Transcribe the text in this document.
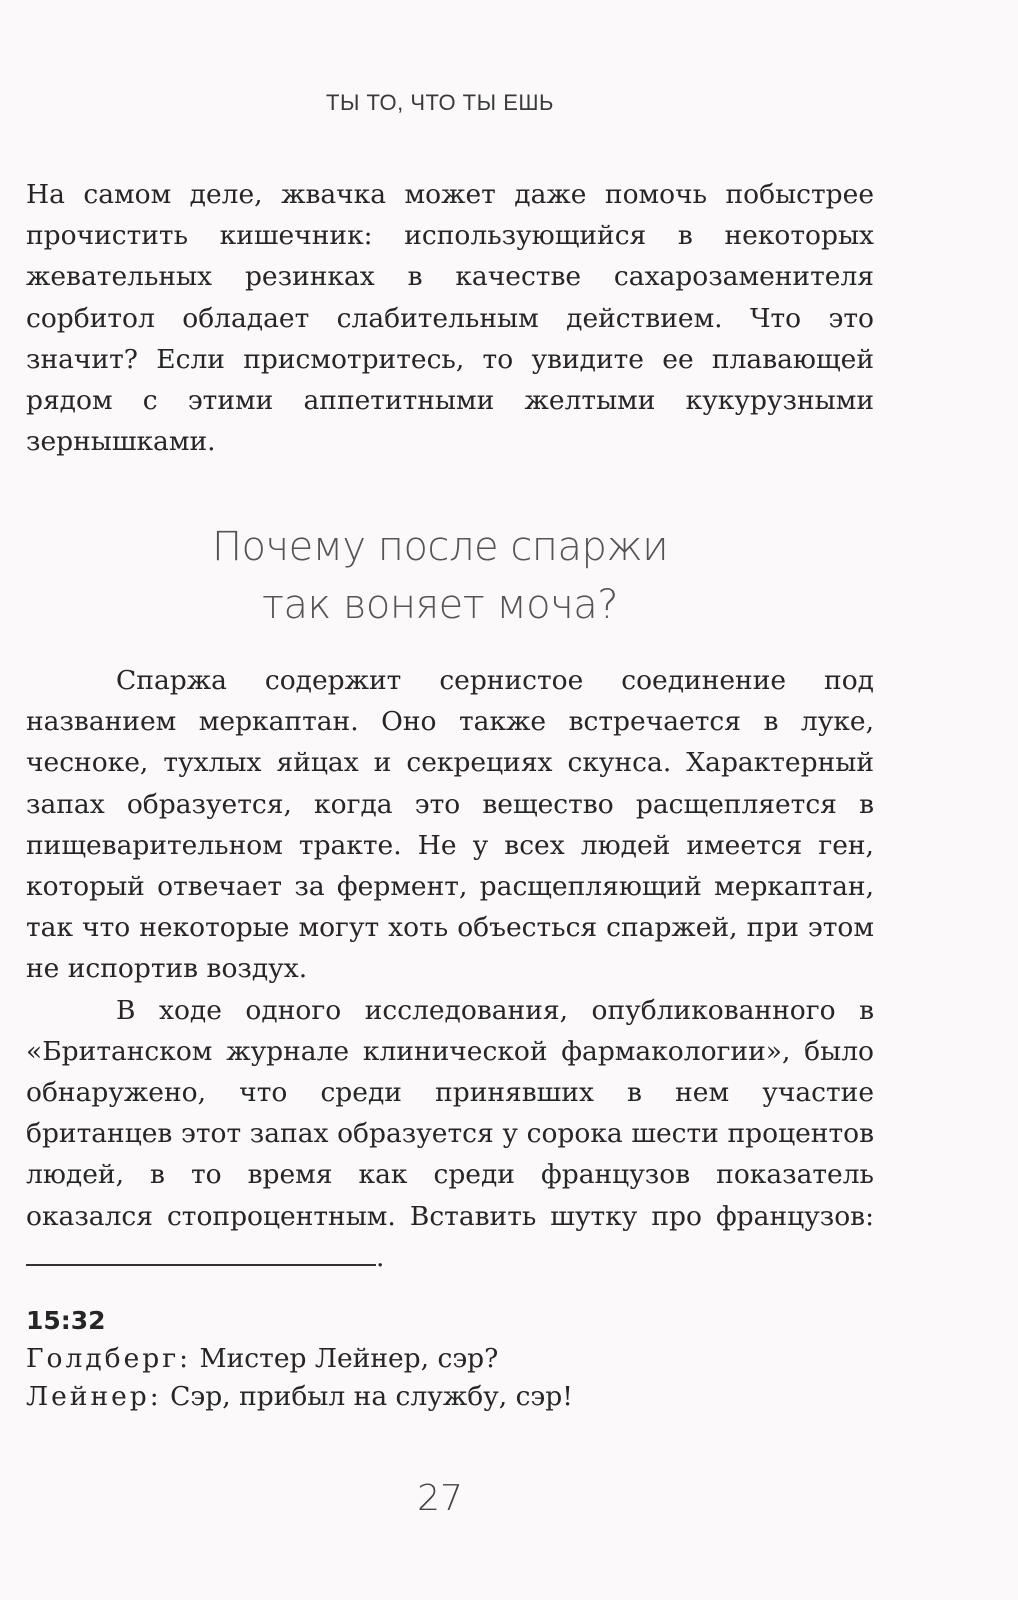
ТЫ ТО, ЧТО ТЫ ЕШЬ

На самом деле, жвачка может даже помочь побыстрее прочистить кишечник: использующийся в некоторых жевательных резинках в качестве сахарозаменителя сорбитол обладает слабительным действием. Что это значит? Если присмотритесь, то увидите ее плавающей рядом с этими аппетитными желтыми кукурузными зернышками.

Почему после спаржи
так воняет моча?

Спаржа содержит сернистое соединение под названием меркаптан. Оно также встречается в луке, чесноке, тухлых яйцах и секрециях скунса. Характерный запах образуется, когда это вещество расщепляется в пищеварительном тракте. Не у всех людей имеется ген, который отвечает за фермент, расщепляющий меркаптан, так что некоторые могут хоть объесться спаржей, при этом не испортив воздух.

В ходе одного исследования, опубликованного в «Британском журнале клинической фармакологии», было обнаружено, что среди принявших в нем участие британцев этот запах образуется у сорока шести процентов людей, в то время как среди французов показатель оказался стопроцентным. Вставить шутку про французов: .

15:32
Голдберг: Мистер Лейнер, сэр?
Лейнер: Сэр, прибыл на службу, сэр!
27
